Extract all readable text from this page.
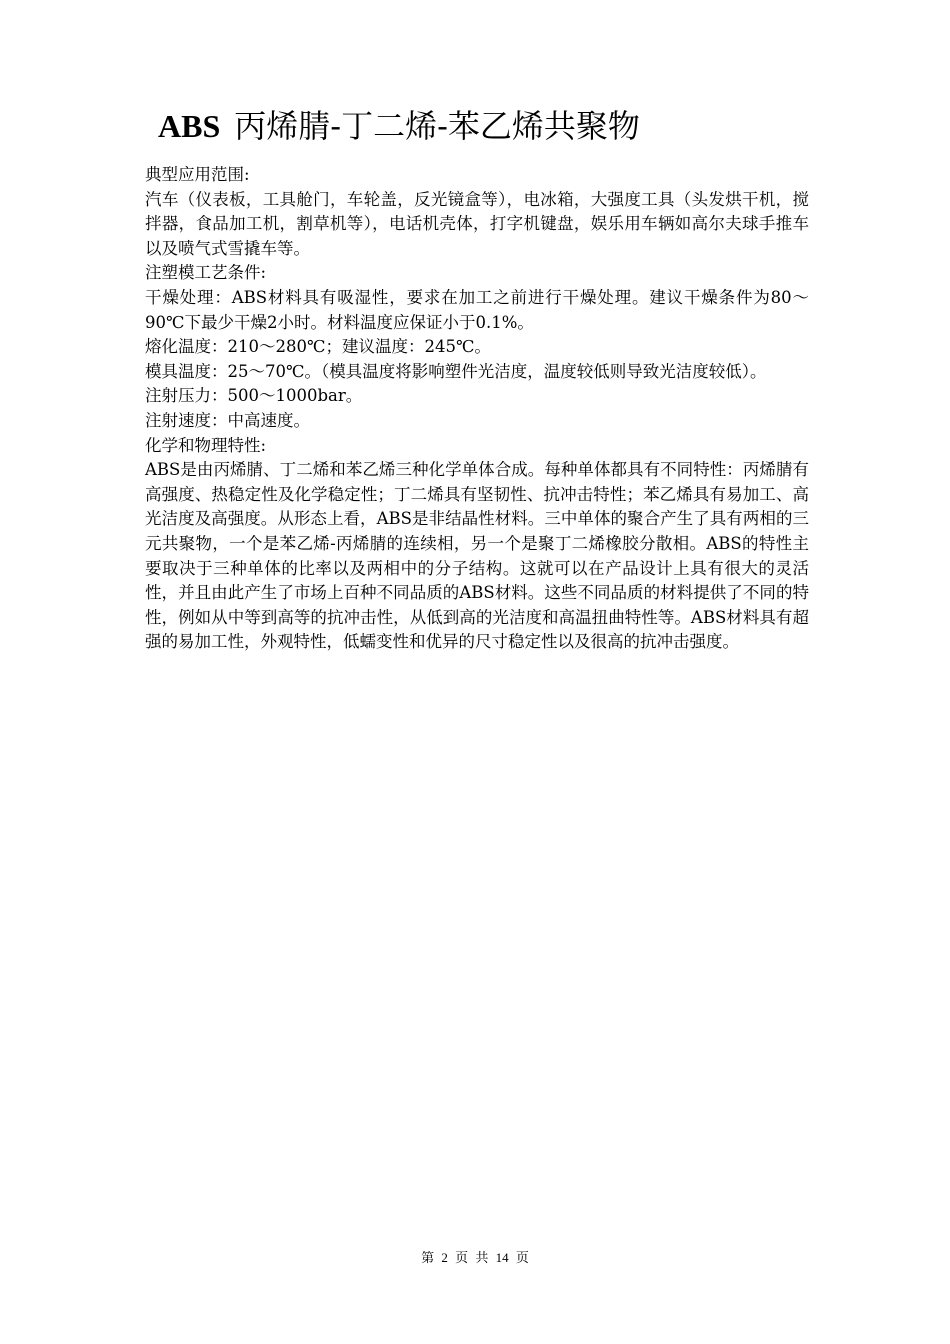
ABS 丙烯腈-丁二烯-苯乙烯共聚物

典型应用范围:

汽车（仪表板，工具舱门，车轮盖，反光镜盒等），电冰箱，大强度工具（头发烘干机，搅拌器，食品加工机，割草机等），电话机壳体，打字机键盘，娱乐用车辆如高尔夫球手推车以及喷气式雪撬车等。

注塑模工艺条件:

干燥处理：ABS材料具有吸湿性，要求在加工之前进行干燥处理。建议干燥条件为80～90℃下最少干燥2小时。材料温度应保证小于0.1%。

熔化温度：210～280℃；建议温度：245℃。

模具温度：25～70℃。（模具温度将影响塑件光洁度，温度较低则导致光洁度较低）。

注射压力：500～1000bar。

注射速度：中高速度。

化学和物理特性:

ABS是由丙烯腈、丁二烯和苯乙烯三种化学单体合成。每种单体都具有不同特性：丙烯腈有高强度、热稳定性及化学稳定性；丁二烯具有坚韧性、抗冲击特性；苯乙烯具有易加工、高光洁度及高强度。从形态上看，ABS是非结晶性材料。三中单体的聚合产生了具有两相的三元共聚物，一个是苯乙烯-丙烯腈的连续相，另一个是聚丁二烯橡胶分散相。ABS的特性主要取决于三种单体的比率以及两相中的分子结构。这就可以在产品设计上具有很大的灵活性，并且由此产生了市场上百种不同品质的ABS材料。这些不同品质的材料提供了不同的特性，例如从中等到高等的抗冲击性，从低到高的光洁度和高温扭曲特性等。ABS材料具有超强的易加工性，外观特性，低蠕变性和优异的尺寸稳定性以及很高的抗冲击强度。

第 2 页 共 14 页
